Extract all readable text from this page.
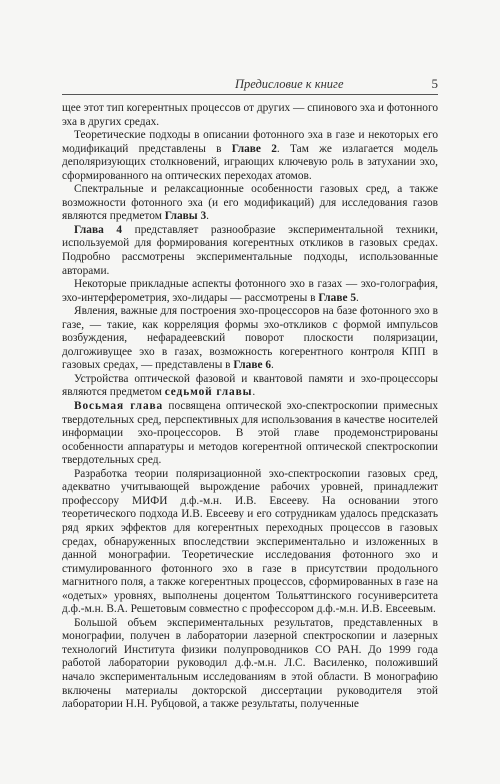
Предисловие к книге	5

щее этот тип когерентных процессов от других — спинового эха и фотонного эха в других средах.

Теоретические подходы в описании фотонного эха в газе и некоторых его модификаций представлены в Главе 2. Там же излагается модель деполяризующих столкновений, играющих ключевую роль в затухании эхо, сформированного на оптических переходах атомов.

Спектральные и релаксационные особенности газовых сред, а также возможности фотонного эха (и его модификаций) для исследования газов являются предметом Главы 3.

Глава 4 представляет разнообразие экспериментальной техники, используемой для формирования когерентных откликов в газовых средах. Подробно рассмотрены экспериментальные подходы, использованные авторами.

Некоторые прикладные аспекты фотонного эхо в газах — эхо-голография, эхо-интерферометрия, эхо-лидары — рассмотрены в Главе 5.

Явления, важные для построения эхо-процессоров на базе фотонного эхо в газе, — такие, как корреляция формы эхо-откликов с формой импульсов возбуждения, нефарадеевский поворот плоскости поляризации, долгоживущее эхо в газах, возможность когерентного контроля КПП в газовых средах, — представлены в Главе 6.

Устройства оптической фазовой и квантовой памяти и эхо-процессоры являются предметом седьмой главы.

Восьмая глава посвящена оптической эхо-спектроскопии примесных твердотельных сред, перспективных для использования в качестве носителей информации эхо-процессоров. В этой главе продемонстрированы особенности аппаратуры и методов когерентной оптической спектроскопии твердотельных сред.

Разработка теории поляризационной эхо-спектроскопии газовых сред, адекватно учитывающей вырождение рабочих уровней, принадлежит профессору МИФИ д.ф.-м.н. И.В. Евсееву. На основании этого теоретического подхода И.В. Евсееву и его сотрудникам удалось предсказать ряд ярких эффектов для когерентных переходных процессов в газовых средах, обнаруженных впоследствии экспериментально и изложенных в данной монографии. Теоретические исследования фотонного эхо и стимулированного фотонного эхо в газе в присутствии продольного магнитного поля, а также когерентных процессов, сформированных в газе на «одетых» уровнях, выполнены доцентом Тольяттинского госуниверситета д.ф.-м.н. В.А. Решетовым совместно с профессором д.ф.-м.н. И.В. Евсеевым.

Большой объем экспериментальных результатов, представленных в монографии, получен в лаборатории лазерной спектроскопии и лазерных технологий Института физики полупроводников СО РАН. До 1999 года работой лаборатории руководил д.ф.-м.н. Л.С. Василенко, положивший начало экспериментальным исследованиям в этой области. В монографию включены материалы докторской диссертации руководителя этой лаборатории Н.Н. Рубцовой, а также результаты, полученные
